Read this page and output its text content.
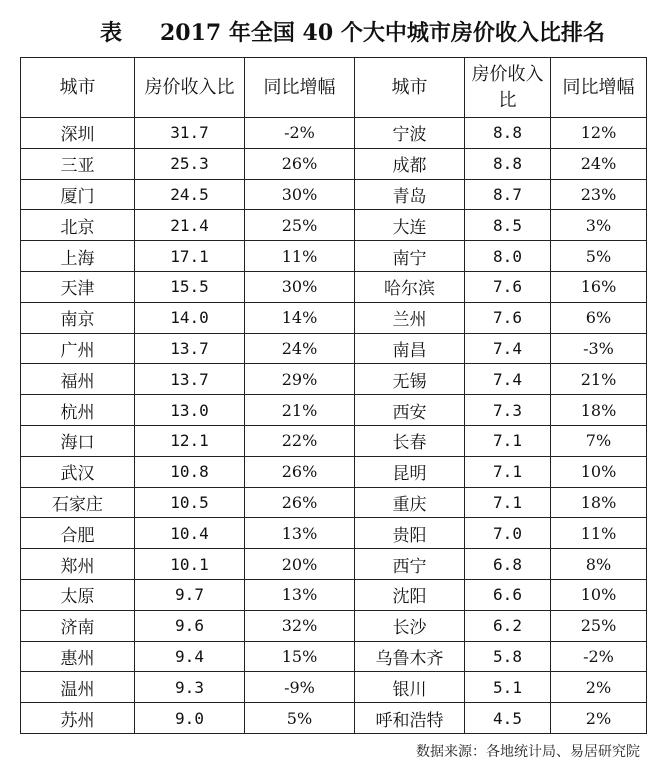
表 2017 年全国 40 个大中城市房价收入比排名
城市	房价收入比	同比增幅	城市	房价收入比	同比增幅
深圳	31.7	-2%	宁波	8.8	12%
三亚	25.3	26%	成都	8.8	24%
厦门	24.5	30%	青岛	8.7	23%
北京	21.4	25%	大连	8.5	3%
上海	17.1	11%	南宁	8.0	5%
天津	15.5	30%	哈尔滨	7.6	16%
南京	14.0	14%	兰州	7.6	6%
广州	13.7	24%	南昌	7.4	-3%
福州	13.7	29%	无锡	7.4	21%
杭州	13.0	21%	西安	7.3	18%
海口	12.1	22%	长春	7.1	7%
武汉	10.8	26%	昆明	7.1	10%
石家庄	10.5	26%	重庆	7.1	18%
合肥	10.4	13%	贵阳	7.0	11%
郑州	10.1	20%	西宁	6.8	8%
太原	9.7	13%	沈阳	6.6	10%
济南	9.6	32%	长沙	6.2	25%
惠州	9.4	15%	乌鲁木齐	5.8	-2%
温州	9.3	-9%	银川	5.1	2%
苏州	9.0	5%	呼和浩特	4.5	2%
数据来源：各地统计局、易居研究院
